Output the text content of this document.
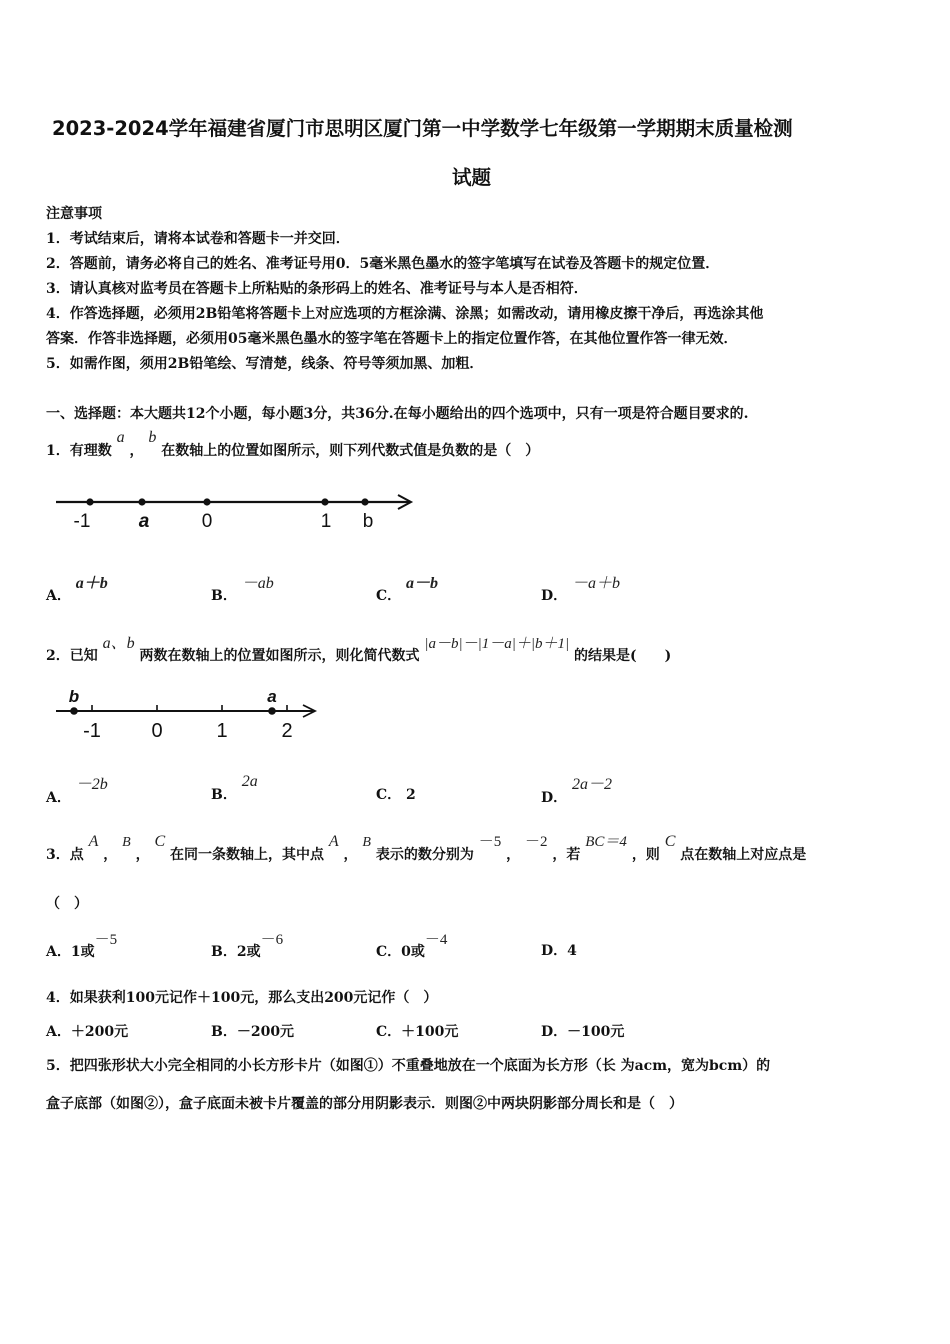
2023-2024学年福建省厦门市思明区厦门第一中学数学七年级第一学期期末质量检测
试题
注意事项
1．考试结束后，请将本试卷和答题卡一并交回．
2．答题前，请务必将自己的姓名、准考证号用0．5毫米黑色墨水的签字笔填写在试卷及答题卡的规定位置．
3．请认真核对监考员在答题卡上所粘贴的条形码上的姓名、准考证号与本人是否相符．
4．作答选择题，必须用2B铅笔将答题卡上对应选项的方框涂满、涂黑；如需改动，请用橡皮擦干净后，再选涂其他
答案．作答非选择题，必须用05毫米黑色墨水的签字笔在答题卡上的指定位置作答，在其他位置作答一律无效．
5．如需作图，须用2B铅笔绘、写清楚，线条、符号等须加黑、加粗．
一、选择题：本大题共12个小题，每小题3分，共36分.在每小题给出的四个选项中，只有一项是符合题目要求的.
1．有理数 a ， b 在数轴上的位置如图所示，则下列代数式值是负数的是（　）
-1	a	0	1 b
A． a＋b
B． －ab
C． a－b
D． －a＋b
2．已知 a、b 两数在数轴上的位置如图所示，则化简代数式 |a－b|－|1－a|＋|b＋1| 的结果是(　　)
b
-1	0	1
a
2
A． －2b
B． 2a
C． 2	D． 2a－2
3．点 A ， B ， C 在同一条数轴上，其中点 A ， B 表示的数分别为 －5 ， －2 ，若 BC＝4 ，则 C 点在数轴上对应点是
（　）
A．1或－5
B．2或－6
C．0或－4
D．4
4．如果获利100元记作＋100元，那么支出200元记作（　）
A．＋200元	B．－200元	C．＋100元	D．－100元
5．把四张形状大小完全相同的小长方形卡片（如图①）不重叠地放在一个底面为长方形（长 为acm，宽为bcm）的
盒子底部（如图②），盒子底面未被卡片覆盖的部分用阴影表示．则图②中两块阴影部分周长和是（　）
